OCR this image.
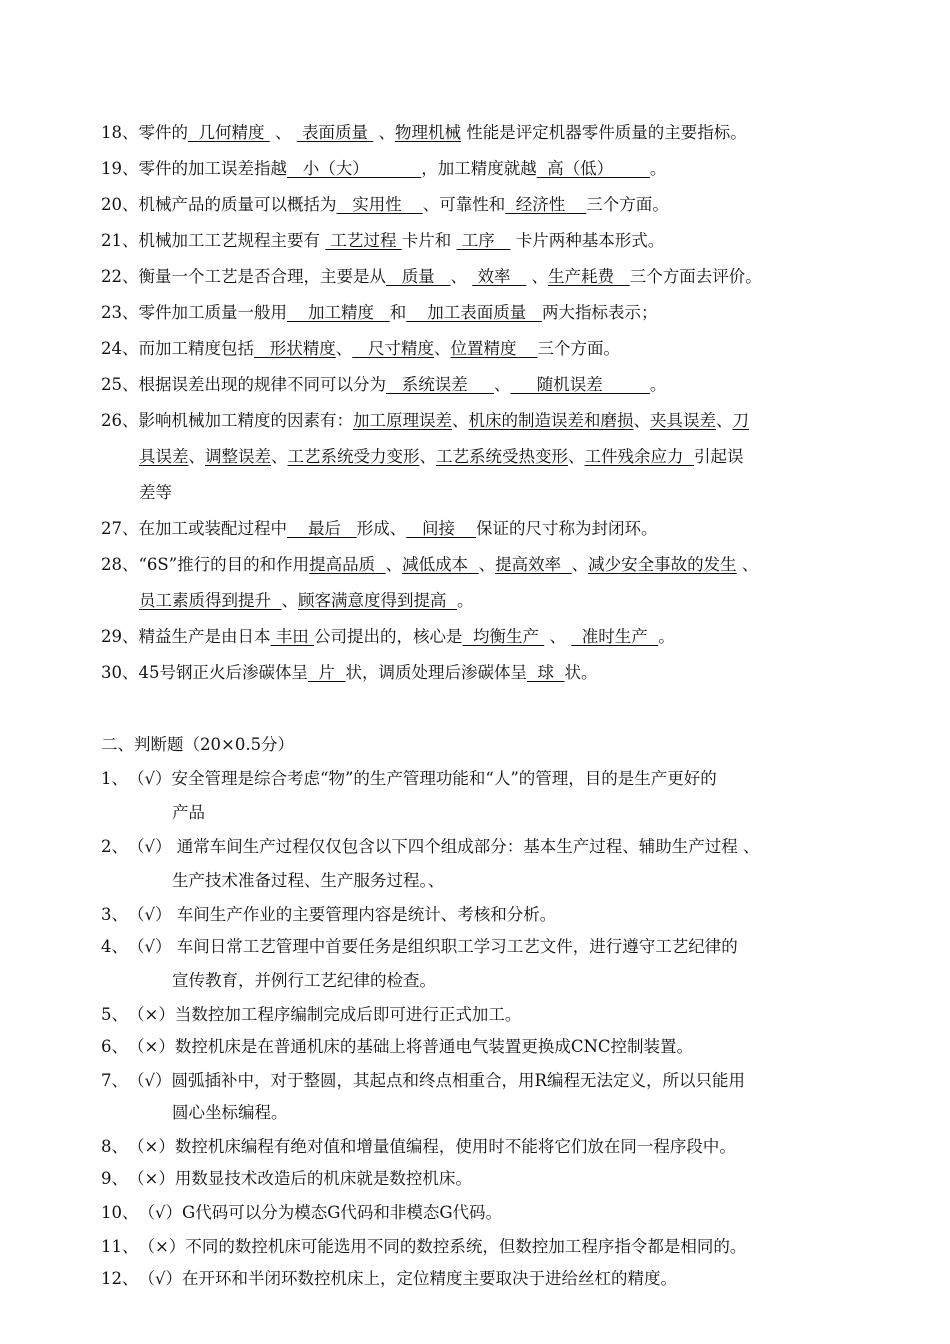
18、零件的  几何精度  、  表面质量  、物理机械 性能是评定机器零件质量的主要指标。
19、零件的加工误差指越   小（大）          ，加工精度就越  高（低）       。
20、机械产品的质量可以概括为   实用性    、可靠性和  经济性    三个方面。
21、机械加工工艺规程主要有  工艺过程 卡片和  工序    卡片两种基本形式。
22、衡量一个工艺是否合理，主要是从   质量   、  效率    、生产耗费   三个方面去评价。
23、零件加工质量一般用    加工精度   和    加工表面质量   两大指标表示；
24、而加工精度包括   形状精度、   尺寸精度、位置精度    三个方面。
25、根据误差出现的规律不同可以分为   系统误差     、     随机误差         。
26、影响机械加工精度的因素有：加工原理误差、机床的制造误差和磨损、夹具误差、刀
具误差、调整误差、工艺系统受力变形、工艺系统受热变形、工件残余应力  引起误
差等
27、在加工或装配过程中    最后   形成、   间接    保证的尺寸称为封闭环。
28、“6S”推行的目的和作用提高品质  、减低成本  、提高效率  、减少安全事故的发生 、
员工素质得到提升  、顾客满意度得到提高  。
29、精益生产是由日本 丰田 公司提出的，核心是  均衡生产  、   准时生产  。
30、45号钢正火后渗碳体呈  片  状，调质处理后渗碳体呈  球  状。
二、判断题（20×0.5分）
1、（√）安全管理是综合考虑“物”的生产管理功能和“人”的管理，目的是生产更好的
产品
2、（√） 通常车间生产过程仅仅包含以下四个组成部分：基本生产过程、辅助生产过程 、
生产技术准备过程、生产服务过程。、
3、（√） 车间生产作业的主要管理内容是统计、考核和分析。
4、（√） 车间日常工艺管理中首要任务是组织职工学习工艺文件，进行遵守工艺纪律的
宣传教育，并例行工艺纪律的检查。
5、（×）当数控加工程序编制完成后即可进行正式加工。
6、（×）数控机床是在普通机床的基础上将普通电气装置更换成CNC控制装置。
7、（√）圆弧插补中，对于整圆，其起点和终点相重合，用R编程无法定义，所以只能用
圆心坐标编程。
8、（×）数控机床编程有绝对值和增量值编程，使用时不能将它们放在同一程序段中。
9、（×）用数显技术改造后的机床就是数控机床。
10、（√）G代码可以分为模态G代码和非模态G代码。
11、（×）不同的数控机床可能选用不同的数控系统，但数控加工程序指令都是相同的。
12、（√）在开环和半闭环数控机床上，定位精度主要取决于进给丝杠的精度。
